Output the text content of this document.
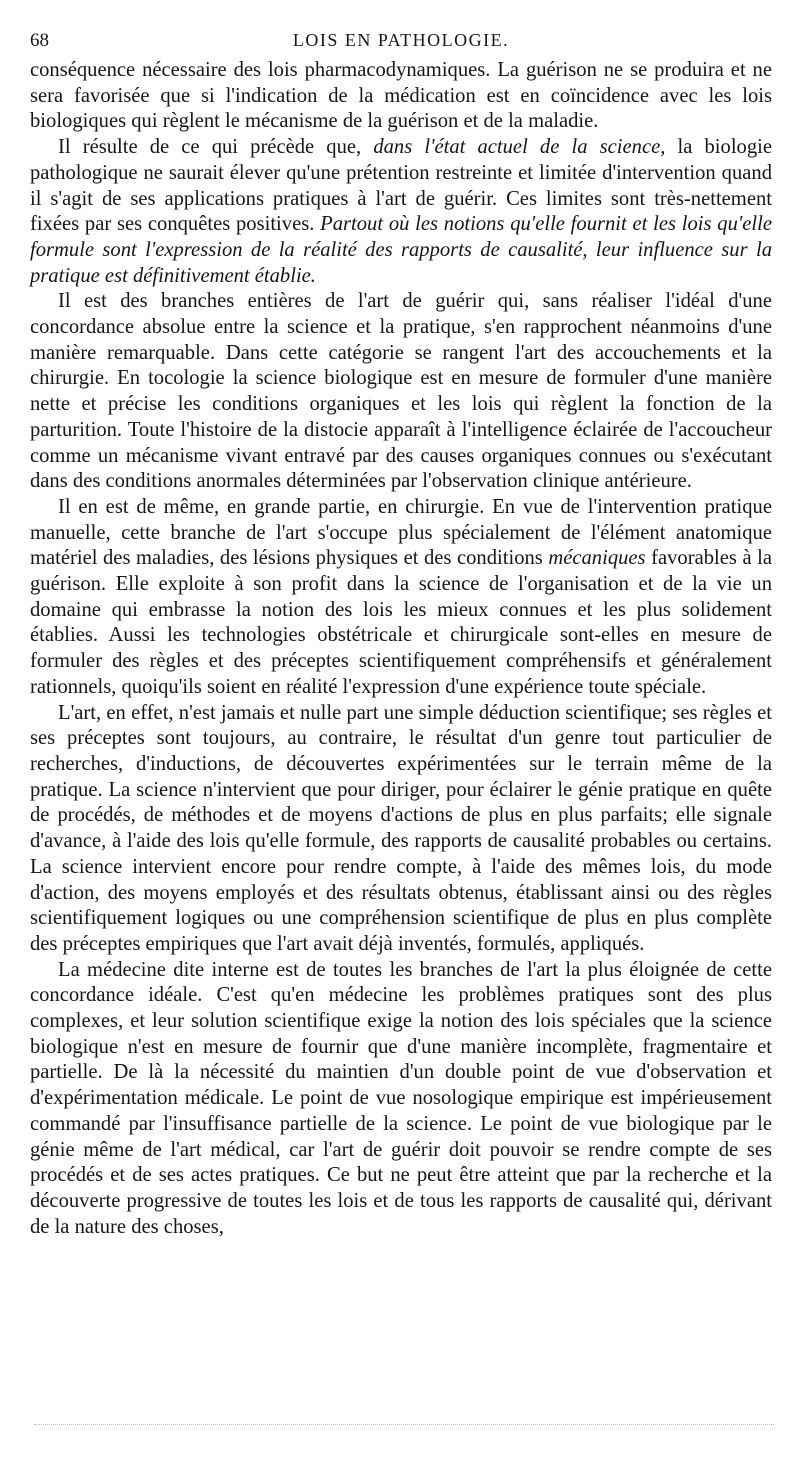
68	LOIS EN PATHOLOGIE.

conséquence nécessaire des lois pharmacodynamiques. La guérison ne se produira et ne sera favorisée que si l'indication de la médication est en coïncidence avec les lois biologiques qui règlent le mécanisme de la guérison et de la maladie.

Il résulte de ce qui précède que, dans l'état actuel de la science, la biologie pathologique ne saurait élever qu'une prétention restreinte et limitée d'intervention quand il s'agit de ses applications pratiques à l'art de guérir. Ces limites sont très-nettement fixées par ses conquêtes positives. Partout où les notions qu'elle fournit et les lois qu'elle formule sont l'expression de la réalité des rapports de causalité, leur influence sur la pratique est définitivement établie.

Il est des branches entières de l'art de guérir qui, sans réaliser l'idéal d'une concordance absolue entre la science et la pratique, s'en rapprochent néanmoins d'une manière remarquable. Dans cette catégorie se rangent l'art des accouchements et la chirurgie. En tocologie la science biologique est en mesure de formuler d'une manière nette et précise les conditions organiques et les lois qui règlent la fonction de la parturition. Toute l'histoire de la distocie apparaît à l'intelligence éclairée de l'accoucheur comme un mécanisme vivant entravé par des causes organiques connues ou s'exécutant dans des conditions anormales déterminées par l'observation clinique antérieure.

Il en est de même, en grande partie, en chirurgie. En vue de l'intervention pratique manuelle, cette branche de l'art s'occupe plus spécialement de l'élément anatomique matériel des maladies, des lésions physiques et des conditions mécaniques favorables à la guérison. Elle exploite à son profit dans la science de l'organisation et de la vie un domaine qui embrasse la notion des lois les mieux connues et les plus solidement établies. Aussi les technologies obstétricale et chirurgicale sont-elles en mesure de formuler des règles et des préceptes scientifiquement compréhensifs et généralement rationnels, quoiqu'ils soient en réalité l'expression d'une expérience toute spéciale.

L'art, en effet, n'est jamais et nulle part une simple déduction scientifique; ses règles et ses préceptes sont toujours, au contraire, le résultat d'un genre tout particulier de recherches, d'inductions, de découvertes expérimentées sur le terrain même de la pratique. La science n'intervient que pour diriger, pour éclairer le génie pratique en quête de procédés, de méthodes et de moyens d'actions de plus en plus parfaits; elle signale d'avance, à l'aide des lois qu'elle formule, des rapports de causalité probables ou certains. La science intervient encore pour rendre compte, à l'aide des mêmes lois, du mode d'action, des moyens employés et des résultats obtenus, établissant ainsi ou des règles scientifiquement logiques ou une compréhension scientifique de plus en plus complète des préceptes empiriques que l'art avait déjà inventés, formulés, appliqués.

La médecine dite interne est de toutes les branches de l'art la plus éloignée de cette concordance idéale. C'est qu'en médecine les problèmes pratiques sont des plus complexes, et leur solution scientifique exige la notion des lois spéciales que la science biologique n'est en mesure de fournir que d'une manière incomplète, fragmentaire et partielle. De là la nécessité du maintien d'un double point de vue d'observation et d'expérimentation médicale. Le point de vue nosologique empirique est impérieusement commandé par l'insuffisance partielle de la science. Le point de vue biologique par le génie même de l'art médical, car l'art de guérir doit pouvoir se rendre compte de ses procédés et de ses actes pratiques. Ce but ne peut être atteint que par la recherche et la découverte progressive de toutes les lois et de tous les rapports de causalité qui, dérivant de la nature des choses,
